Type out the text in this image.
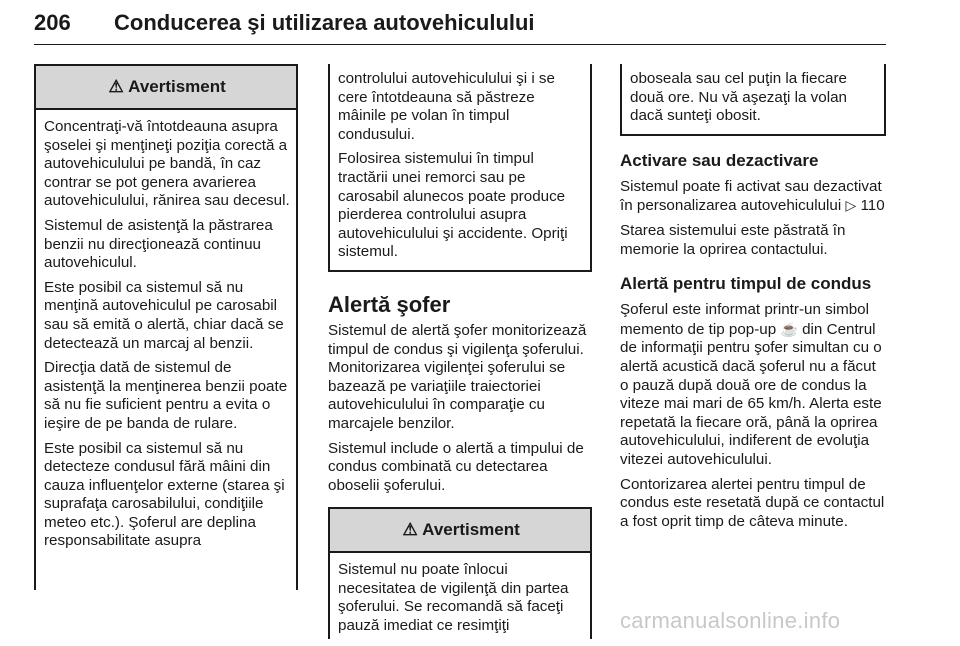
206 Conducerea şi utilizarea autovehiculului
⚠ Avertisment

Concentraţi-vă întotdeauna asupra şoselei şi menţineţi poziţia corectă a autovehiculului pe bandă, în caz contrar se pot genera avarierea autovehiculului, rănirea sau decesul.

Sistemul de asistenţă la păstrarea benzii nu direcţionează continuu autovehiculul.

Este posibil ca sistemul să nu menţină autovehiculul pe carosabil sau să emită o alertă, chiar dacă se detectează un marcaj al benzii.

Direcţia dată de sistemul de asistenţă la menţinerea benzii poate să nu fie suficient pentru a evita o ieşire de pe banda de rulare.

Este posibil ca sistemul să nu detecteze condusul fără mâini din cauza influenţelor externe (starea şi suprafaţa carosabilului, condiţiile meteo etc.). Şoferul are deplina responsabilitate asupra

controlului autovehiculului şi i se cere întotdeauna să păstreze mâinile pe volan în timpul condusului.

Folosirea sistemului în timpul tractării unei remorci sau pe carosabil alunecos poate produce pierderea controlului asupra autovehiculului şi accidente. Opriţi sistemul.

Alertă şofer

Sistemul de alertă şofer monitorizează timpul de condus şi vigilenţa şoferului. Monitorizarea vigilenţei şoferului se bazează pe variaţiile traiectoriei autovehiculului în comparaţie cu marcajele benzilor.

Sistemul include o alertă a timpului de condus combinată cu detectarea oboselii şoferului.

⚠ Avertisment

Sistemul nu poate înlocui necesitatea de vigilenţă din partea şoferului. Se recomandă să faceţi pauză imediat ce resimţiţi

oboseala sau cel puţin la fiecare două ore. Nu vă aşezaţi la volan dacă sunteţi obosit.

Activare sau dezactivare

Sistemul poate fi activat sau dezactivat în personalizarea autovehiculului ▷ 110

Starea sistemului este păstrată în memorie la oprirea contactului.

Alertă pentru timpul de condus

Şoferul este informat printr-un simbol memento de tip pop-up ☕ din Centrul de informaţii pentru şofer simultan cu o alertă acustică dacă şoferul nu a făcut o pauză după două ore de condus la viteze mai mari de 65 km/h. Alerta este repetată la fiecare oră, până la oprirea autovehiculului, indiferent de evoluţia vitezei autovehiculului.

Contorizarea alertei pentru timpul de condus este resetată după ce contactul a fost oprit timp de câteva minute.

carmanualsonline.info
